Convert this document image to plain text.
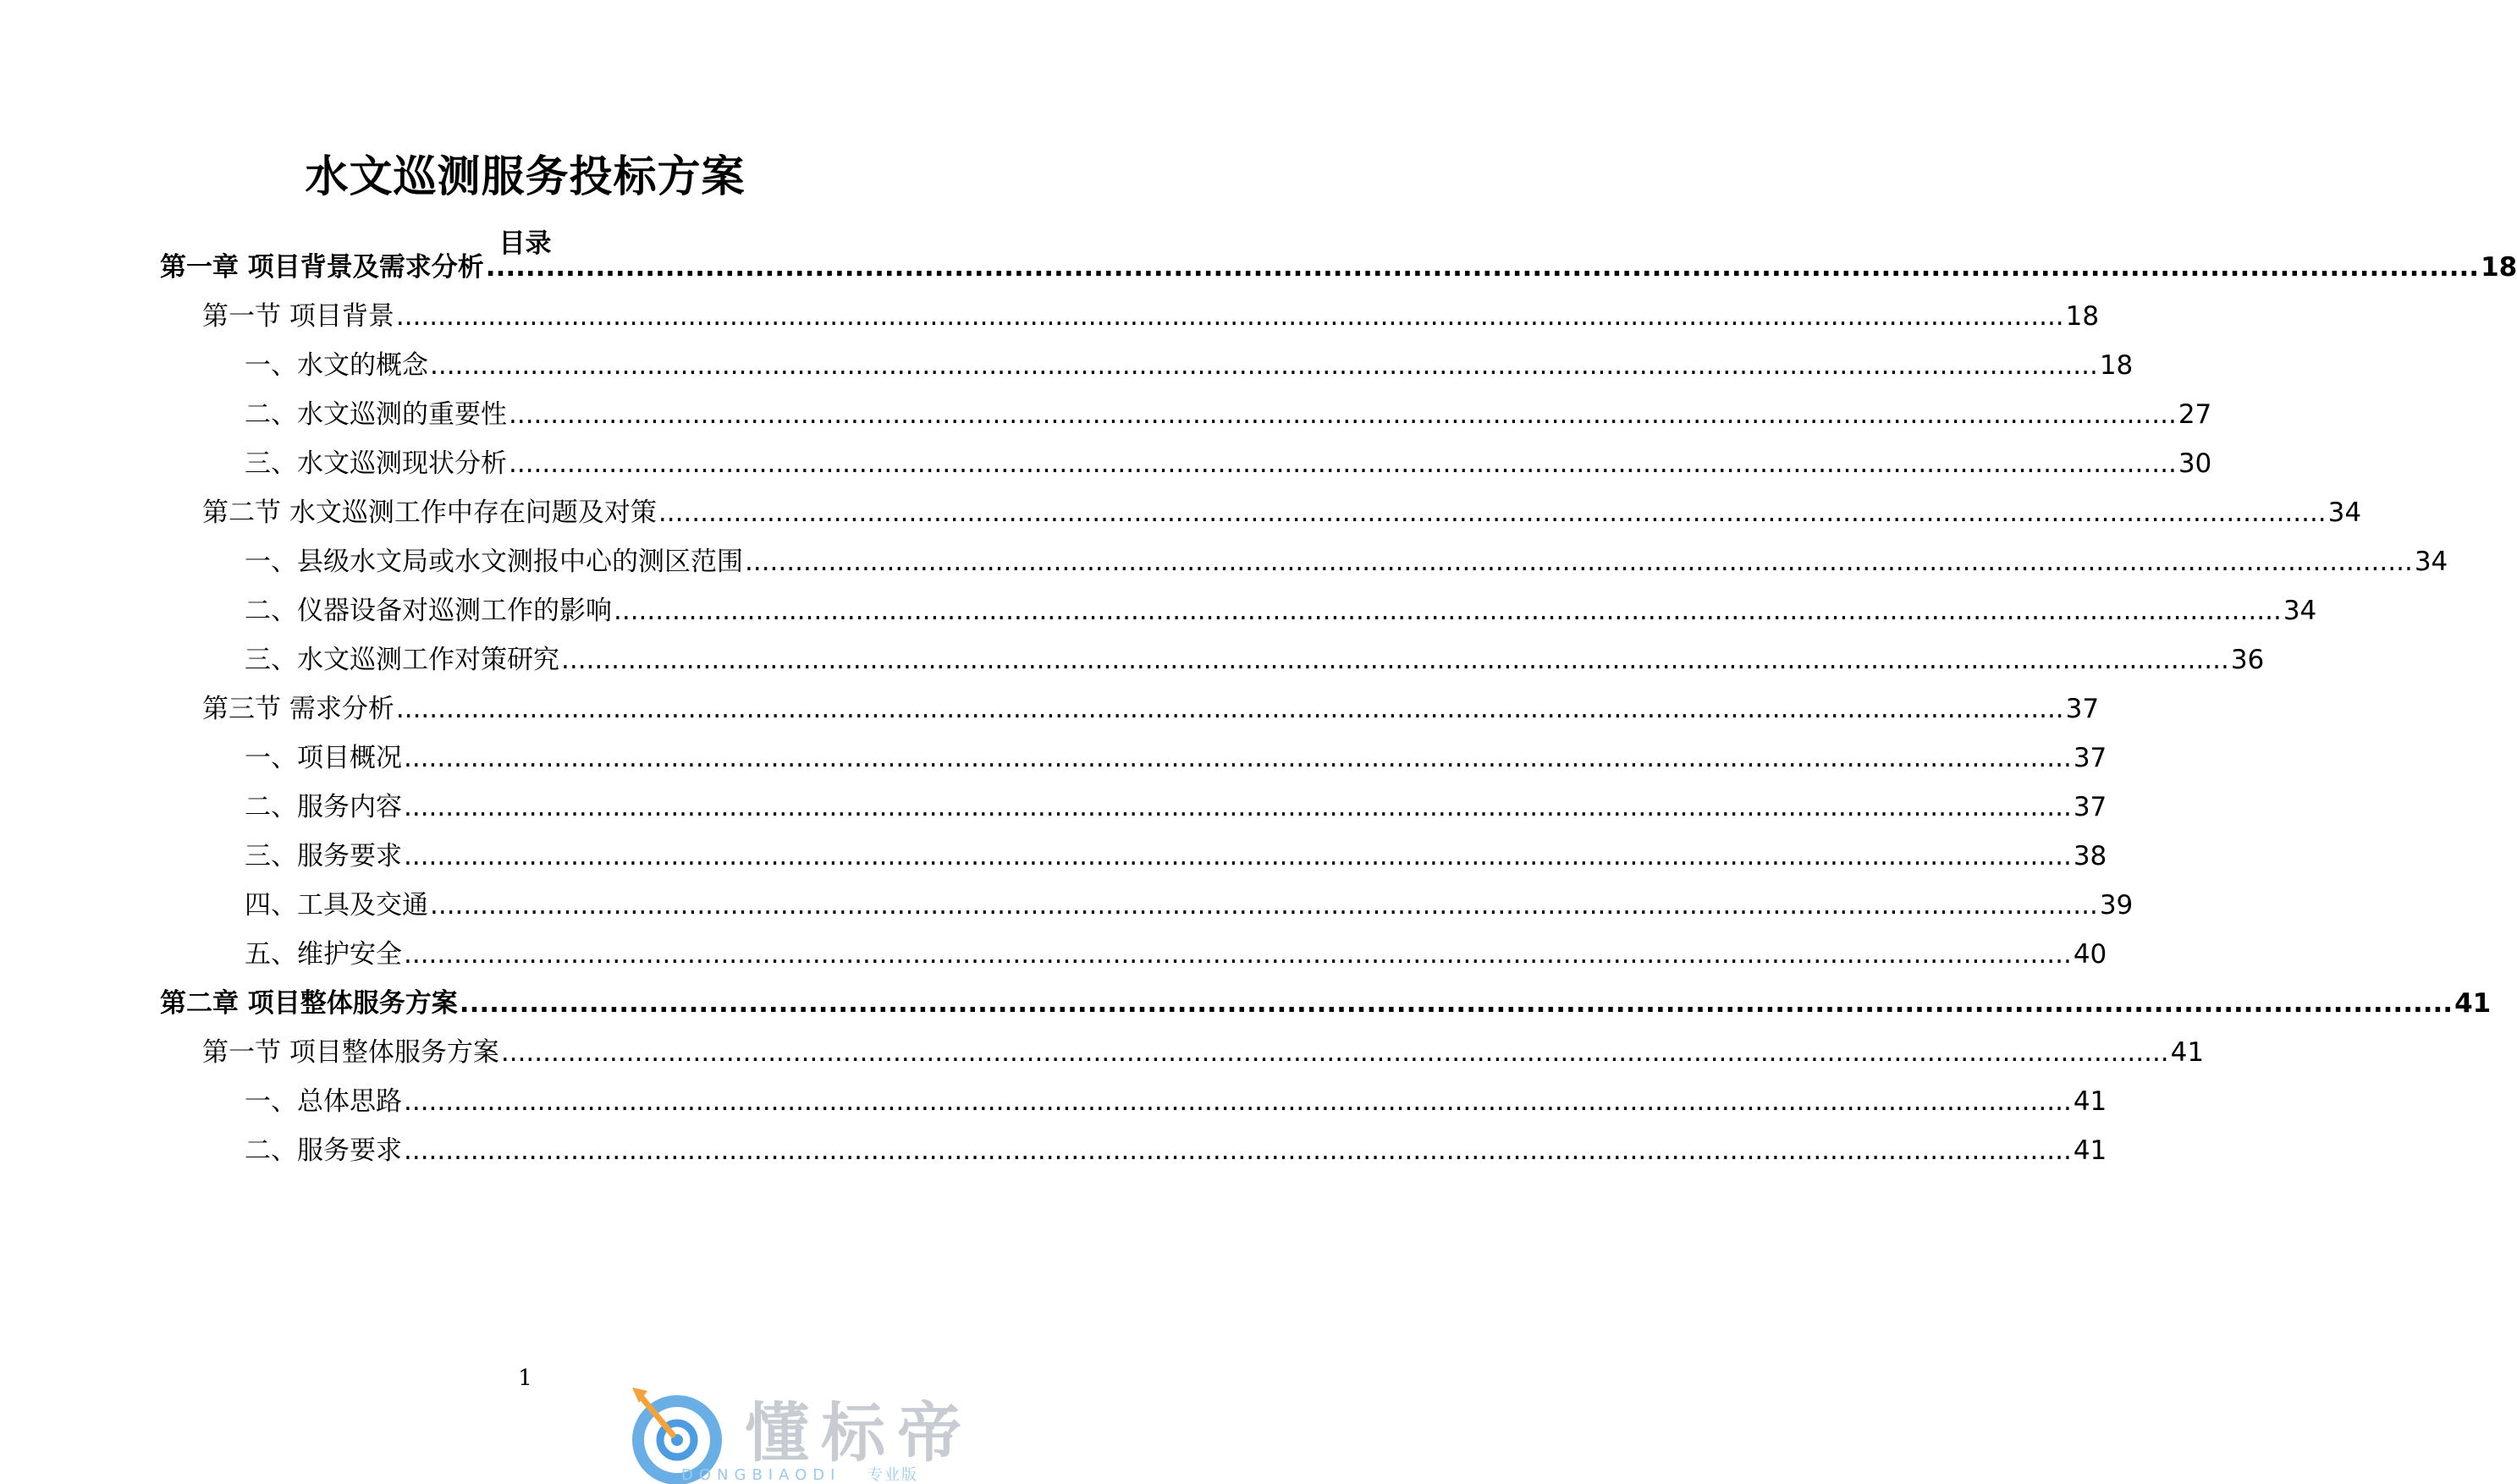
水文巡测服务投标方案
目录
第一章 项目背景及需求分析 ........................................................................................................................................................................................................ 18
第一节 项目背景 ........................................................................................................................................................................................................ 18
一、水文的概念 ........................................................................................................................................................................................................ 18
二、水文巡测的重要性 ........................................................................................................................................................................................................ 27
三、水文巡测现状分析 ........................................................................................................................................................................................................ 30
第二节 水文巡测工作中存在问题及对策 ........................................................................................................................................................................................................ 34
一、县级水文局或水文测报中心的测区范围 ........................................................................................................................................................................................................ 34
二、仪器设备对巡测工作的影响 ........................................................................................................................................................................................................ 34
三、水文巡测工作对策研究 ........................................................................................................................................................................................................ 36
第三节 需求分析 ........................................................................................................................................................................................................ 37
一、项目概况 ........................................................................................................................................................................................................ 37
二、服务内容 ........................................................................................................................................................................................................ 37
三、服务要求 ........................................................................................................................................................................................................ 38
四、工具及交通 ........................................................................................................................................................................................................ 39
五、维护安全 ........................................................................................................................................................................................................ 40
第二章 项目整体服务方案 ........................................................................................................................................................................................................ 41
第一节 项目整体服务方案 ........................................................................................................................................................................................................ 41
一、总体思路 ........................................................................................................................................................................................................ 41
二、服务要求 ........................................................................................................................................................................................................ 41
1
懂标帝
DONGBIAODI 专业版
